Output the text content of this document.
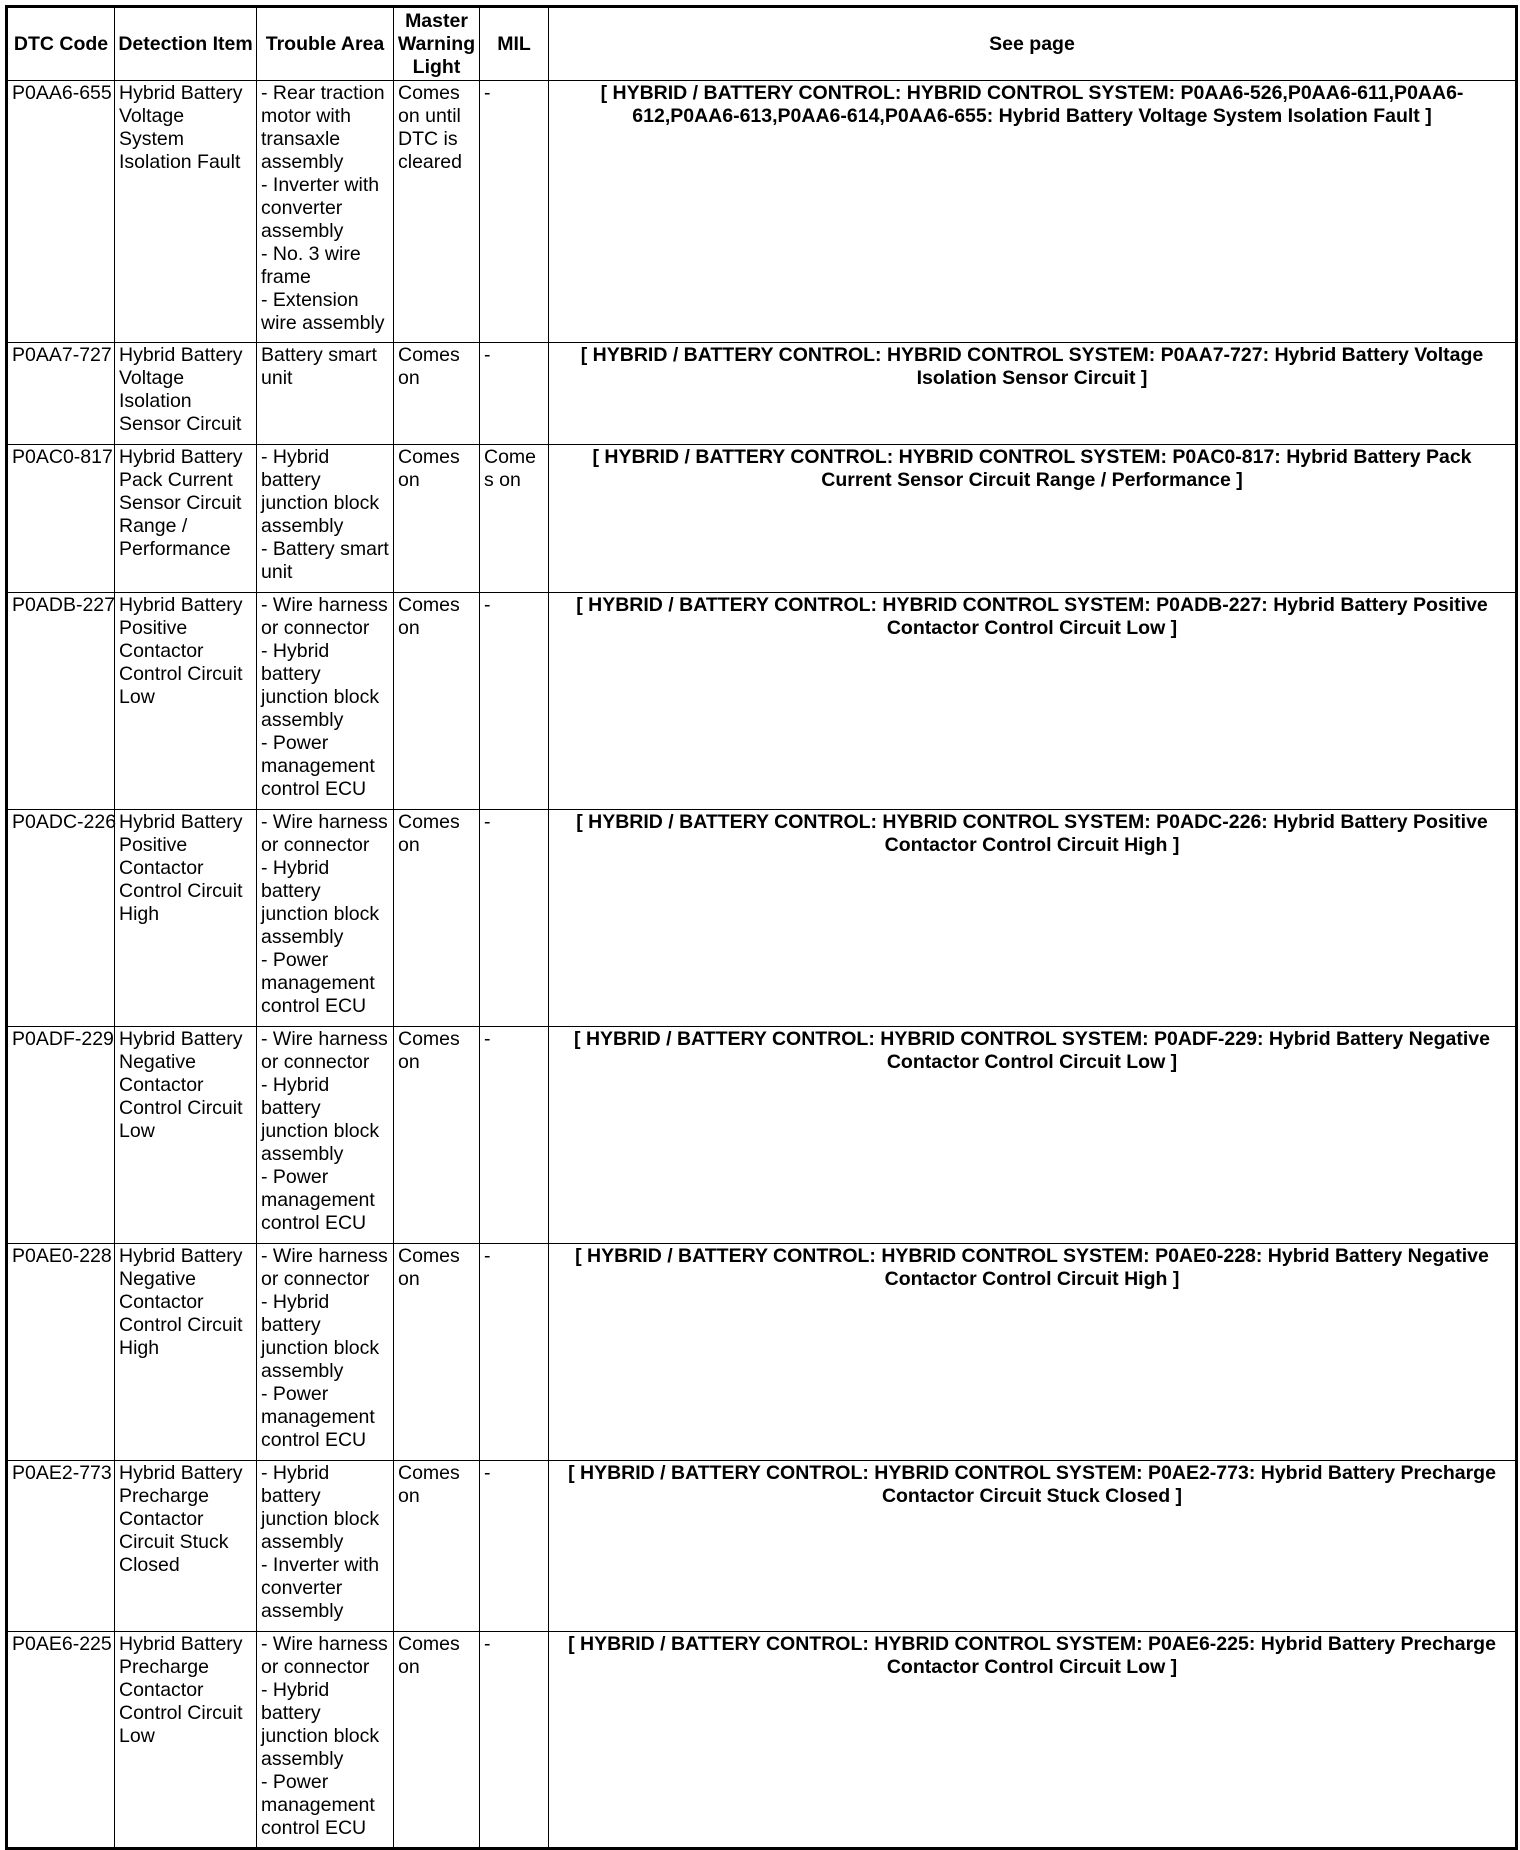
DTC Code	Detection Item	Trouble Area	Master Warning Light	MIL	See page
P0AA6-655	Hybrid Battery Voltage System Isolation Fault	- Rear traction motor with transaxle assembly
- Inverter with converter assembly
- No. 3 wire frame
- Extension wire assembly	Comes on until DTC is cleared	-	[ HYBRID / BATTERY CONTROL: HYBRID CONTROL SYSTEM: P0AA6-526,P0AA6-611,P0AA6-612,P0AA6-613,P0AA6-614,P0AA6-655: Hybrid Battery Voltage System Isolation Fault ]
P0AA7-727	Hybrid Battery Voltage Isolation Sensor Circuit	Battery smart unit	Comes on	-	[ HYBRID / BATTERY CONTROL: HYBRID CONTROL SYSTEM: P0AA7-727: Hybrid Battery Voltage Isolation Sensor Circuit ]
P0AC0-817	Hybrid Battery Pack Current Sensor Circuit Range / Performance	- Hybrid battery junction block assembly
- Battery smart unit	Comes on	Comes on	[ HYBRID / BATTERY CONTROL: HYBRID CONTROL SYSTEM: P0AC0-817: Hybrid Battery Pack Current Sensor Circuit Range / Performance ]
P0ADB-227	Hybrid Battery Positive Contactor Control Circuit Low	- Wire harness or connector
- Hybrid battery junction block assembly
- Power management control ECU	Comes on	-	[ HYBRID / BATTERY CONTROL: HYBRID CONTROL SYSTEM: P0ADB-227: Hybrid Battery Positive Contactor Control Circuit Low ]
P0ADC-226	Hybrid Battery Positive Contactor Control Circuit High	- Wire harness or connector
- Hybrid battery junction block assembly
- Power management control ECU	Comes on	-	[ HYBRID / BATTERY CONTROL: HYBRID CONTROL SYSTEM: P0ADC-226: Hybrid Battery Positive Contactor Control Circuit High ]
P0ADF-229	Hybrid Battery Negative Contactor Control Circuit Low	- Wire harness or connector
- Hybrid battery junction block assembly
- Power management control ECU	Comes on	-	[ HYBRID / BATTERY CONTROL: HYBRID CONTROL SYSTEM: P0ADF-229: Hybrid Battery Negative Contactor Control Circuit Low ]
P0AE0-228	Hybrid Battery Negative Contactor Control Circuit High	- Wire harness or connector
- Hybrid battery junction block assembly
- Power management control ECU	Comes on	-	[ HYBRID / BATTERY CONTROL: HYBRID CONTROL SYSTEM: P0AE0-228: Hybrid Battery Negative Contactor Control Circuit High ]
P0AE2-773	Hybrid Battery Precharge Contactor Circuit Stuck Closed	- Hybrid battery junction block assembly
- Inverter with converter assembly	Comes on	-	[ HYBRID / BATTERY CONTROL: HYBRID CONTROL SYSTEM: P0AE2-773: Hybrid Battery Precharge Contactor Circuit Stuck Closed ]
P0AE6-225	Hybrid Battery Precharge Contactor Control Circuit Low	- Wire harness or connector
- Hybrid battery junction block assembly
- Power management control ECU	Comes on	-	[ HYBRID / BATTERY CONTROL: HYBRID CONTROL SYSTEM: P0AE6-225: Hybrid Battery Precharge Contactor Control Circuit Low ]
